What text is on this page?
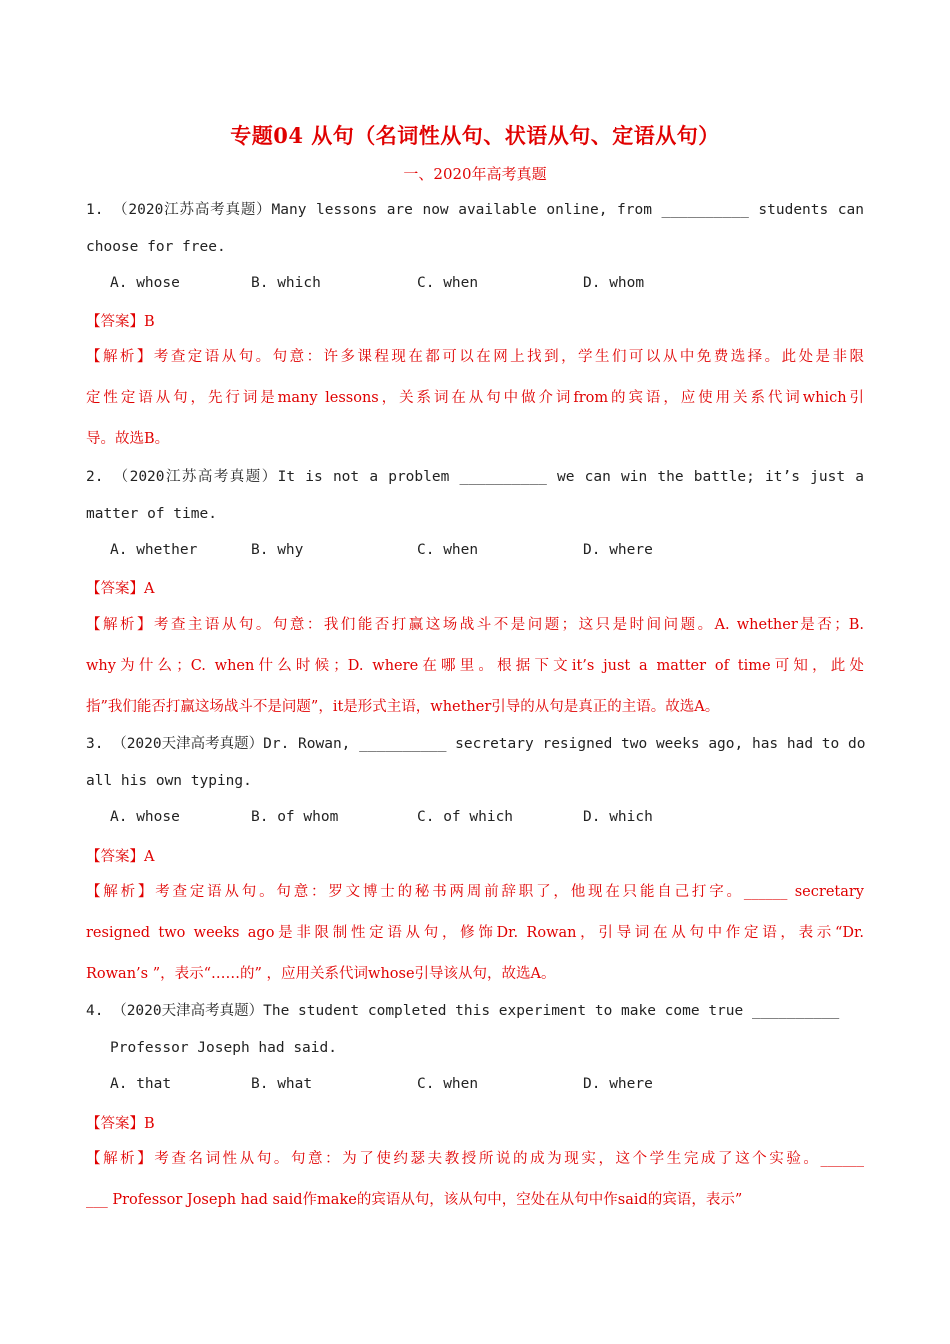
专题04 从句（名词性从句、状语从句、定语从句）
一、2020年高考真题
1. （2020江苏高考真题）Many lessons are now available online, from __________ students can
choose for free.
A. whose	B. which	C. when	D. whom
【答案】B
【解析】考查定语从句。句意：许多课程现在都可以在网上找到，学生们可以从中免费选择。此处是非限
定性定语从句，先行词是many lessons，关系词在从句中做介词from的宾语，应使用关系代词which引
导。故选B。
2. （2020江苏高考真题）It is not a problem __________ we can win the battle; it’s just a
matter of time.
A. whether	B. why	C. when	D. where
【答案】A
【解析】考查主语从句。句意：我们能否打赢这场战斗不是问题；这只是时间问题。A. whether是否；B.
why为什么；C. when什么时候；D. where在哪里。根据下文it’s just a matter of time可知，此处
指”我们能否打赢这场战斗不是问题”，it是形式主语，whether引导的从句是真正的主语。故选A。
3. （2020天津高考真题）Dr. Rowan, __________ secretary resigned two weeks ago, has had to do
all his own typing.
A. whose	B. of whom	C. of which	D. which
【答案】A
【解析】考查定语从句。句意：罗文博士的秘书两周前辞职了，他现在只能自己打字。______ secretary
resigned two weeks ago是非限制性定语从句，修饰Dr. Rowan，引导词在从句中作定语，表示“Dr.
Rowan’s ”，表示“……的” ，应用关系代词whose引导该从句，故选A。
4. （2020天津高考真题）The student completed this experiment to make come true __________
Professor Joseph had said.
A. that	B. what	C. when	D. where
【答案】B
【解析】考查名词性从句。句意：为了使约瑟夫教授所说的成为现实，这个学生完成了这个实验。______
___ Professor Joseph had said作make的宾语从句，该从句中，空处在从句中作said的宾语，表示”
